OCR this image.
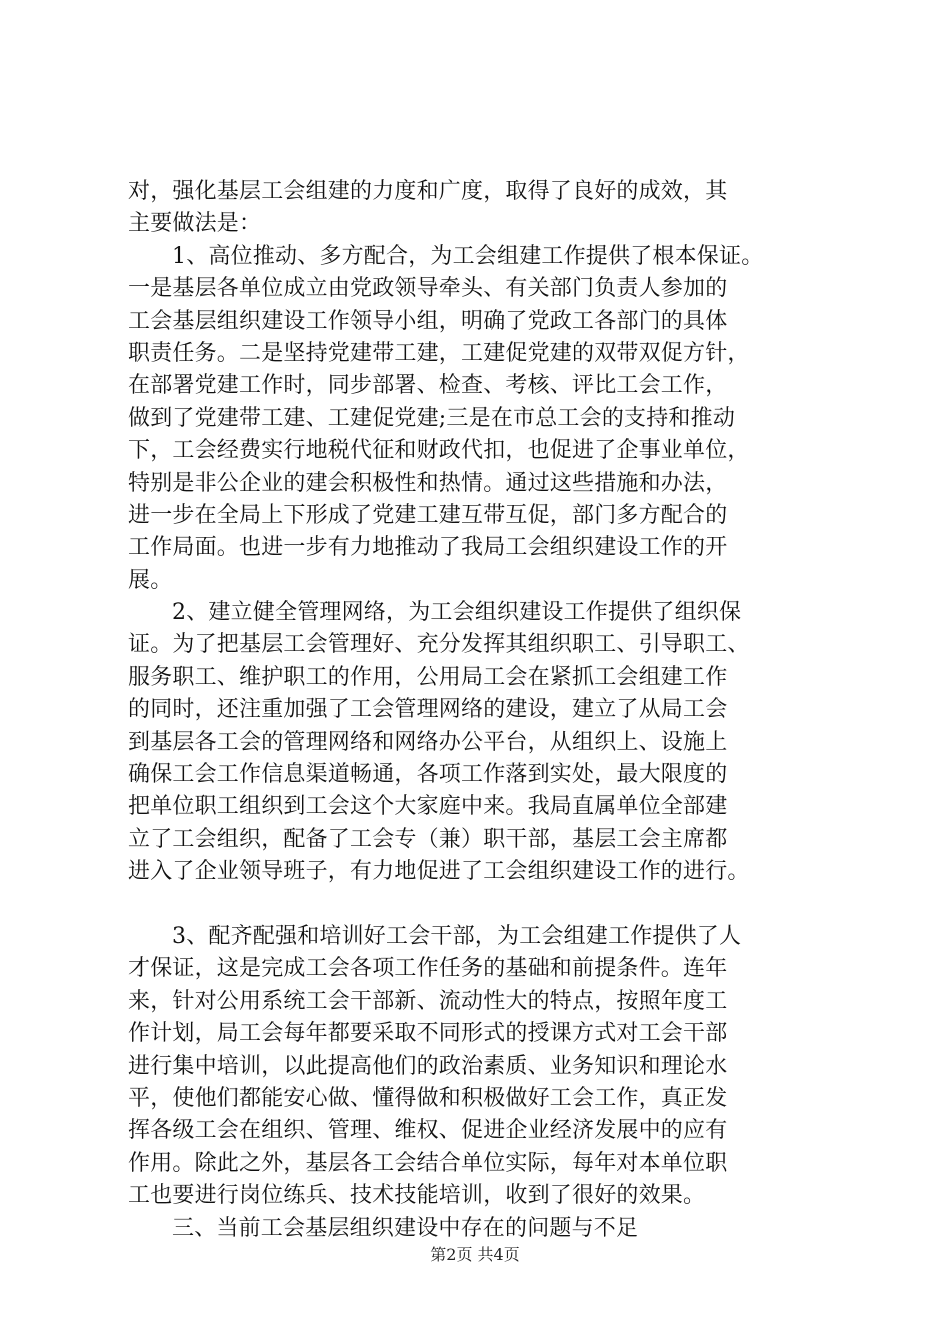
对，强化基层工会组建的力度和广度，取得了良好的成效，其
主要做法是：
1、高位推动、多方配合，为工会组建工作提供了根本保证。
一是基层各单位成立由党政领导牵头、有关部门负责人参加的
工会基层组织建设工作领导小组，明确了党政工各部门的具体
职责任务。二是坚持党建带工建，工建促党建的双带双促方针，
在部署党建工作时，同步部署、检查、考核、评比工会工作，
做到了党建带工建、工建促党建;三是在市总工会的支持和推动
下，工会经费实行地税代征和财政代扣，也促进了企事业单位，
特别是非公企业的建会积极性和热情。通过这些措施和办法，
进一步在全局上下形成了党建工建互带互促，部门多方配合的
工作局面。也进一步有力地推动了我局工会组织建设工作的开
展。
2、建立健全管理网络，为工会组织建设工作提供了组织保
证。为了把基层工会管理好、充分发挥其组织职工、引导职工、
服务职工、维护职工的作用，公用局工会在紧抓工会组建工作
的同时，还注重加强了工会管理网络的建设，建立了从局工会
到基层各工会的管理网络和网络办公平台，从组织上、设施上
确保工会工作信息渠道畅通，各项工作落到实处，最大限度的
把单位职工组织到工会这个大家庭中来。我局直属单位全部建
立了工会组织，配备了工会专（兼）职干部，基层工会主席都
进入了企业领导班子，有力地促进了工会组织建设工作的进行。
3、配齐配强和培训好工会干部，为工会组建工作提供了人
才保证，这是完成工会各项工作任务的基础和前提条件。连年
来，针对公用系统工会干部新、流动性大的特点，按照年度工
作计划，局工会每年都要采取不同形式的授课方式对工会干部
进行集中培训，以此提高他们的政治素质、业务知识和理论水
平，使他们都能安心做、懂得做和积极做好工会工作，真正发
挥各级工会在组织、管理、维权、促进企业经济发展中的应有
作用。除此之外，基层各工会结合单位实际，每年对本单位职
工也要进行岗位练兵、技术技能培训，收到了很好的效果。
三、当前工会基层组织建设中存在的问题与不足
第2页 共4页
